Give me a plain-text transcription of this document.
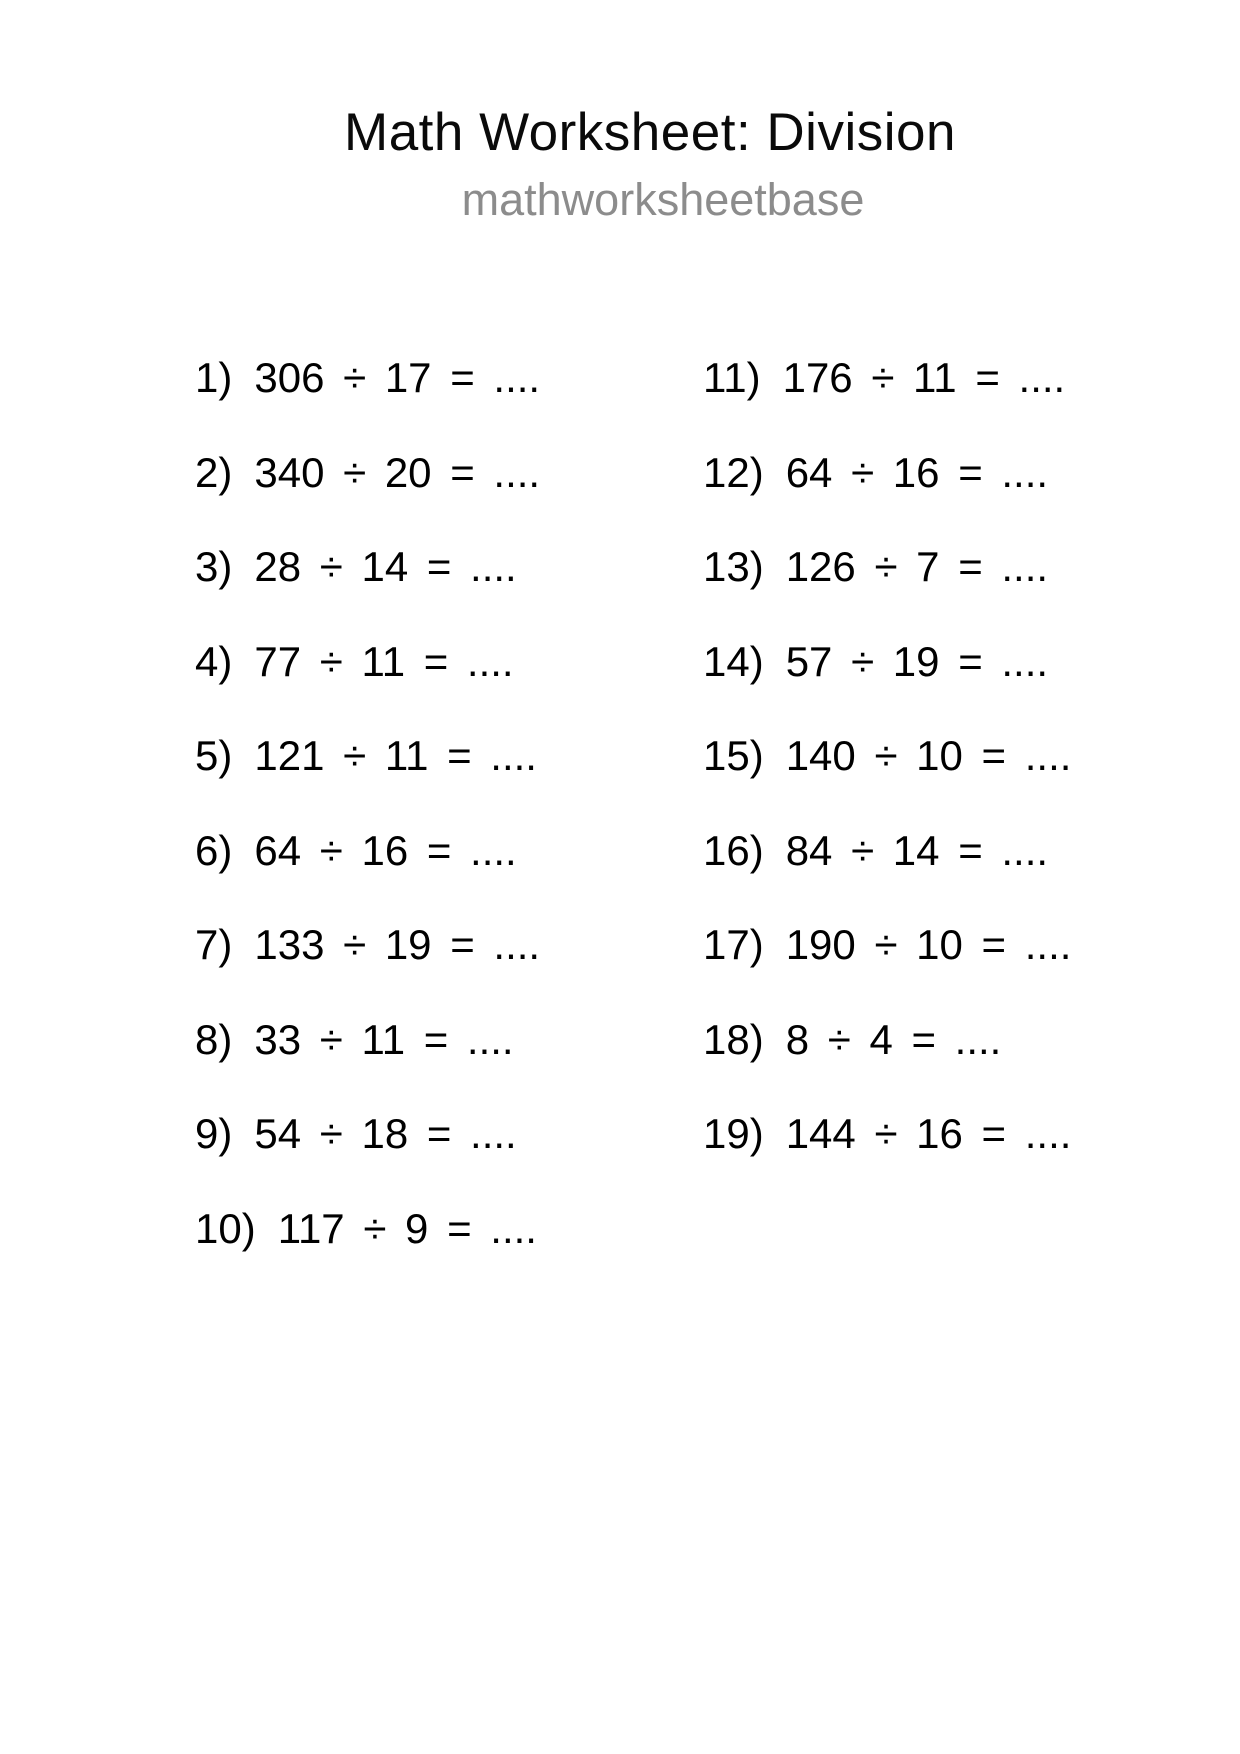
Math Worksheet: Division
mathworksheetbase
1) 306 ÷ 17 = ....
2) 340 ÷ 20 = ....
3) 28 ÷ 14 = ....
4) 77 ÷ 11 = ....
5) 121 ÷ 11 = ....
6) 64 ÷ 16 = ....
7) 133 ÷ 19 = ....
8) 33 ÷ 11 = ....
9) 54 ÷ 18 = ....
10) 117 ÷ 9 = ....
11) 176 ÷ 11 = ....
12) 64 ÷ 16 = ....
13) 126 ÷ 7 = ....
14) 57 ÷ 19 = ....
15) 140 ÷ 10 = ....
16) 84 ÷ 14 = ....
17) 190 ÷ 10 = ....
18) 8 ÷ 4 = ....
19) 144 ÷ 16 = ....
